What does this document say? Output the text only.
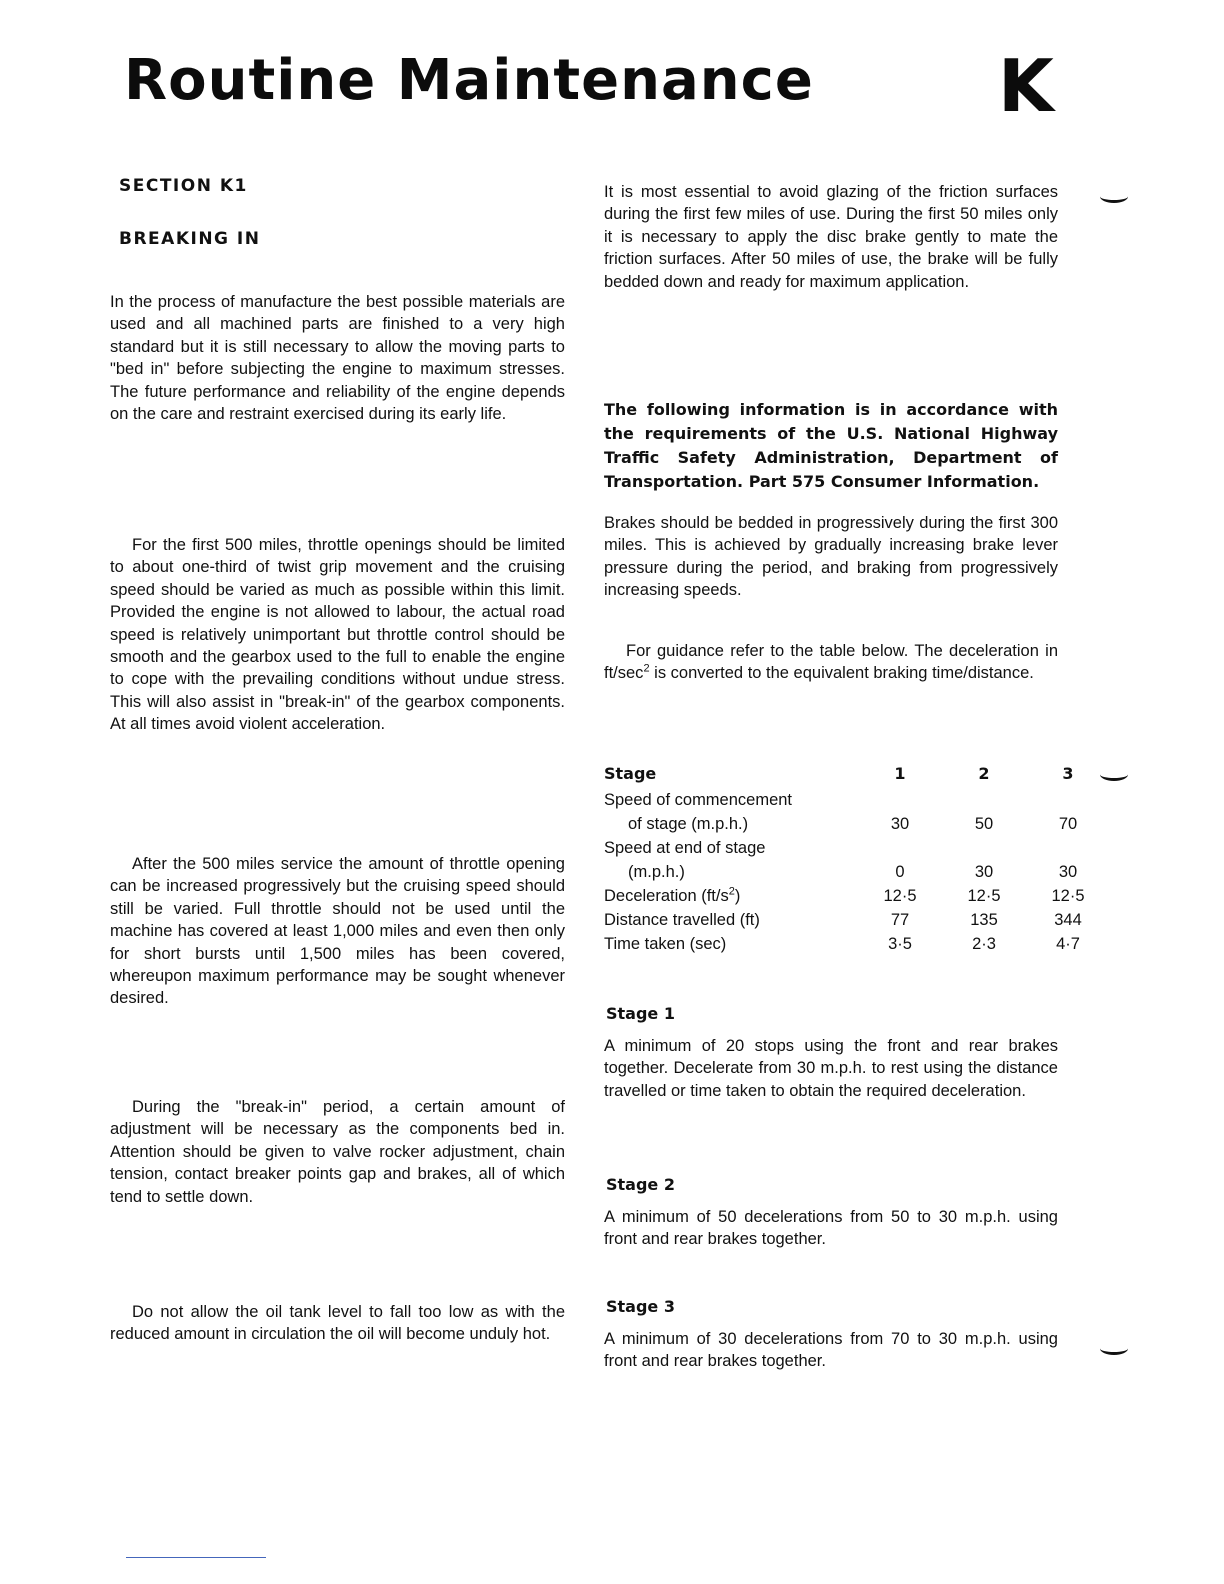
Routine Maintenance	K
SECTION K1
BREAKING IN

In the process of manufacture the best possible materials are used and all machined parts are finished to a very high standard but it is still necessary to allow the moving parts to "bed in" before subjecting the engine to maximum stresses. The future performance and reliability of the engine depends on the care and restraint exercised during its early life.

For the first 500 miles, throttle openings should be limited to about one-third of twist grip movement and the cruising speed should be varied as much as possible within this limit. Provided the engine is not allowed to labour, the actual road speed is relatively unimportant but throttle control should be smooth and the gearbox used to the full to enable the engine to cope with the prevailing conditions without undue stress. This will also assist in "break-in" of the gearbox components. At all times avoid violent acceleration.

After the 500 miles service the amount of throttle opening can be increased progressively but the cruising speed should still be varied. Full throttle should not be used until the machine has covered at least 1,000 miles and even then only for short bursts until 1,500 miles has been covered, whereupon maximum performance may be sought whenever desired.

During the "break-in" period, a certain amount of adjustment will be necessary as the components bed in. Attention should be given to valve rocker adjustment, chain tension, contact breaker points gap and brakes, all of which tend to settle down.

Do not allow the oil tank level to fall too low as with the reduced amount in circulation the oil will become unduly hot.

It is most essential to avoid glazing of the friction surfaces during the first few miles of use. During the first 50 miles only it is necessary to apply the disc brake gently to mate the friction surfaces. After 50 miles of use, the brake will be fully bedded down and ready for maximum application.

The following information is in accordance with the requirements of the U.S. National Highway Traffic Safety Administration, Department of Transportation. Part 575 Consumer Information.

Brakes should be bedded in progressively during the first 300 miles. This is achieved by gradually increasing brake lever pressure during the period, and braking from progressively increasing speeds.

For guidance refer to the table below. The deceleration in $ft/\sec^2$ is converted to the equivalent braking time/distance.

Stage	1	2	3
Speed of commencement			
of stage (m.p.h.)	30	50	70
Speed at end of stage			
(m.p.h.)	0	30	30
Deceleration $(ft/s^2)$	12·5	12·5	12·5
Distance travelled (ft)	77	135	344
Time taken (sec)	3·5	2·3	4·7
Stage 1

A minimum of 20 stops using the front and rear brakes together. Decelerate from 30 m.p.h. to rest using the distance travelled or time taken to obtain the required deceleration.

Stage 2

A minimum of 50 decelerations from 50 to 30 m.p.h. using front and rear brakes together.

Stage 3

A minimum of 30 decelerations from 70 to 30 m.p.h. using front and rear brakes together.
